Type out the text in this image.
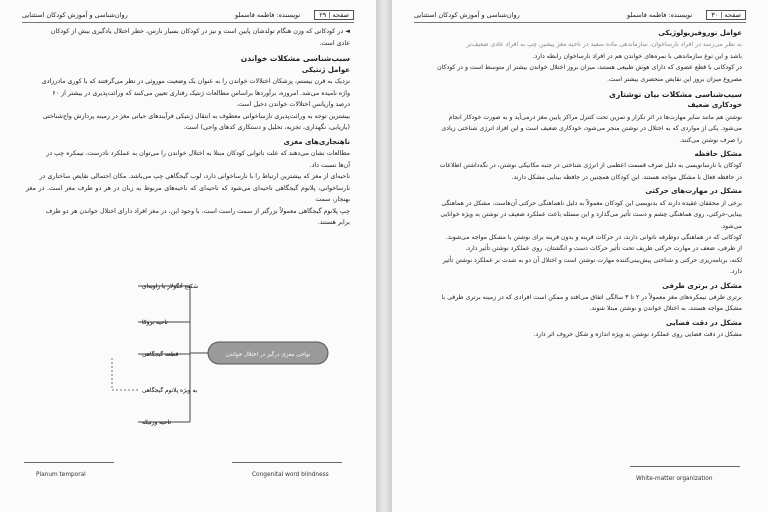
صفحه | ۲۹
نویسنده: فاطمه قاسملو
روان‌شناسی و آموزش کودکان استثنایی

◄ در کودکانی که وزن هنگام تولدشان پایین است و نیز در کودکان بسیار نارس، خطر اختلال یادگیری بیش از کودکان

عادی است.

سبب‌شناسی مشکلات خواندن

عوامل ژنتیکی

نزدیک به قرن بیستم، پزشکان اختلالات خواندن را به عنوان یک وضعیت موروثی در نظر می‌گرفتند که با کوری مادرزادی

واژه نامیده می‌شد. امروزه، برآوردها براساس مطالعات ژنتیک رفتاری تعیین می‌کنند که وراثت‌پذیری در بیشتر از ۶۰

درصد واریانس اختلالات خواندن دخیل است.

بیشترین توجه به وراثت‌پذیری نارسا‌خوانی معطوف به انتقال ژنتیکی فرآیندهای حیاتی مغز در زمینه پردازش واج‌شناختی

(بازیابی، نگهداری، تجزیه، تحلیل و دستکاری کدهای واجی) است.

ناهنجاری‌های مغزی

مطالعات نشان می‌دهند که علت ناتوانی کودکان مبتلا به اختلال خواندن را می‌توان به عملکرد نادرست، نیمکره چپ در

آن‌ها نسبت داد.

ناحیه‌ای از مغز که بیشترین ارتباط را با نارساخوانی دارد، لوب گیجگاهی چپ می‌باشد. مکان احتمالی نقایص ساختاری در

نارساخوانی، پلانوم گیجگاهی ناحیه‌ای می‌شود که ناحیه‌ای که ناحیه‌های مربوط به زبان در هر دو طرف مغز است. در مغز بهنجار، سمت

چپ پلانوم گیجگاهی معمولاً بزرگتر از سمت راست است، با وجود این، در مغز افراد دارای اختلال خواندن هر دو طرف

برابر هستند.

نواحی مغزی درگیر در اختلال خواندن
شکنج آنگولار یا زاویه‌ای
ناحیه بروکا
قطعه گیجگاهی
به ویژه پلانوم گیجگاهی
ناحیه ورنیکه
Planum temporal	Congenital word blindness
صفحه | ۳۰
نویسنده: فاطمه قاسملو
روان‌شناسی و آموزش کودکان استثنایی

عوامل نوروفیزیولوژیکی

به نظر می‌رسد در افراد نارساخوان، سازماندهی ماده سفید در ناحیه مغز پیشین چپ به افراد عادی ضعیف‌تر

باشد و این نوع سازماندهی با نمره‌های خواندن هم در افراد نارساخوان رابطه دارد.

در کودکانی با قطع عضوی که دارای هوش طبیعی هستند، میزان بروز اختلال خواندن بیشتر از متوسط است و در کودکان

مصروع میزان بروز این نقایص منحصری بیشتر است.

سبب‌شناسی مشکلات بیان نوشتاری

خودکاری ضعیف

نوشتن هم مانند سایر مهارت‌ها در اثر تکرار و تمرین تحت کنترل مراکز پایین مغز درمی‌آید و به صورت خودکار انجام

می‌شود. یکی از مواردی که به اختلال در نوشتن منجر می‌شود، خودکاری ضعیف است و این افراد انرژی شناختی زیادی

را صرف نوشتن می‌کنند.

مشکل حافظه

کودکان با نارسانویسی به دلیل صرف قسمت اعظمی از انرژی شناختی در جنبه مکانیکی نوشتن، در نگه‌داشتن اطلاعات

در حافظه فعال با مشکل مواجه هستند. این کودکان همچنین در حافظه بینایی مشکل دارند.

مشکل در مهارت‌های حرکتی

برخی از محققان عقیده دارند که بدنویسی این کودکان معمولاً به دلیل ناهماهنگی حرکتی آن‌هاست. مشکل در هماهنگی

بینایی-حرکتی، روی هماهنگی چشم و دست تأثیر می‌گذارد و این مسئله باعث عملکرد ضعیف در نوشتن به ویژه خوانایی

می‌شود.

کودکانی که در هماهنگی دوطرفه ناتوانی دارند، در حرکات قرینه و بدون قرینه برای نوشتن با مشکل مواجه می‌شوند.

از طرفی، ضعف در مهارت حرکتی ظریف تحت تأثیر حرکات دست و انگشتان، روی عملکرد نوشتن تأثیر دارد.

لکنه، برنامه‌ریزی حرکتی و شناختی پیش‌بینی‌کننده مهارت نوشتن است و اختلال آن دو به شدت بر عملکرد نوشتن تأثیر

دارد.

مشکل در برتری طرفی

برتری طرفی نیمکره‌های مغز معمولاً در ۲ تا ۳ سالگی اتفاق می‌افتد و ممکن است افرادی که در زمینه برتری طرفی با

مشکل مواجه هستند، به اختلال خواندن و نوشتن مبتلا شوند.

مشکل در دقت فضایی

مشکل در دقت فضایی روی عملکرد نوشتن به ویژه اندازه و شکل حروف اثر دارد.

White-matter organization
